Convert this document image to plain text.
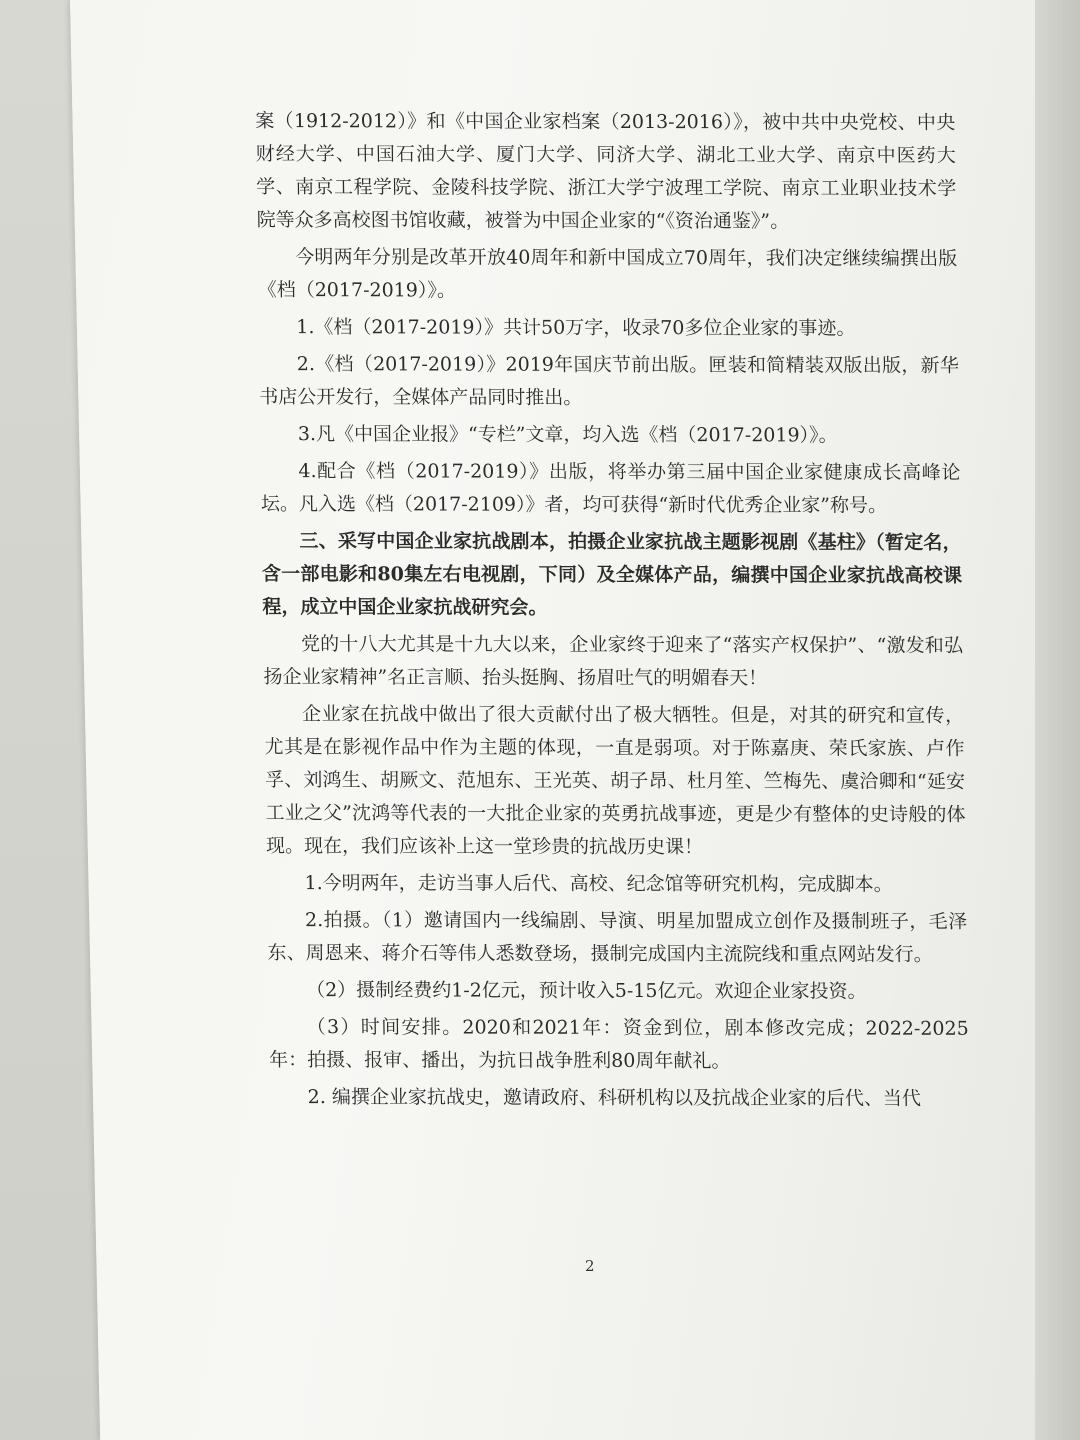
案（1912-2012）》和《中国企业家档案（2013-2016）》，被中共中央党校、中央财经大学、中国石油大学、厦门大学、同济大学、湖北工业大学、南京中医药大学、南京工程学院、金陵科技学院、浙江大学宁波理工学院、南京工业职业技术学院等众多高校图书馆收藏，被誉为中国企业家的“《资治通鉴》”。

今明两年分别是改革开放40周年和新中国成立70周年，我们决定继续编撰出版《档（2017-2019）》。

1.《档（2017-2019）》共计50万字，收录70多位企业家的事迹。

2.《档（2017-2019）》2019年国庆节前出版。匣装和简精装双版出版，新华书店公开发行，全媒体产品同时推出。

3.凡《中国企业报》“专栏”文章，均入选《档（2017-2019）》。

4.配合《档（2017-2019）》出版，将举办第三届中国企业家健康成长高峰论坛。凡入选《档（2017-2109）》者，均可获得“新时代优秀企业家”称号。

三、采写中国企业家抗战剧本，拍摄企业家抗战主题影视剧《基柱》（暂定名，含一部电影和80集左右电视剧，下同）及全媒体产品，编撰中国企业家抗战高校课程，成立中国企业家抗战研究会。

党的十八大尤其是十九大以来，企业家终于迎来了“落实产权保护”、“激发和弘扬企业家精神”名正言顺、抬头挺胸、扬眉吐气的明媚春天！

企业家在抗战中做出了很大贡献付出了极大牺牲。但是，对其的研究和宣传，尤其是在影视作品中作为主题的体现，一直是弱项。对于陈嘉庚、荣氏家族、卢作孚、刘鸿生、胡厥文、范旭东、王光英、胡子昂、杜月笙、竺梅先、虞洽卿和“延安工业之父”沈鸿等代表的一大批企业家的英勇抗战事迹，更是少有整体的史诗般的体现。现在，我们应该补上这一堂珍贵的抗战历史课！

1.今明两年，走访当事人后代、高校、纪念馆等研究机构，完成脚本。

2.拍摄。（1）邀请国内一线编剧、导演、明星加盟成立创作及摄制班子，毛泽东、周恩来、蒋介石等伟人悉数登场，摄制完成国内主流院线和重点网站发行。

（2）摄制经费约1-2亿元，预计收入5-15亿元。欢迎企业家投资。

（3）时间安排。2020和2021年：资金到位，剧本修改完成；2022-2025年：拍摄、报审、播出，为抗日战争胜利80周年献礼。

2. 编撰企业家抗战史，邀请政府、科研机构以及抗战企业家的后代、当代

2
